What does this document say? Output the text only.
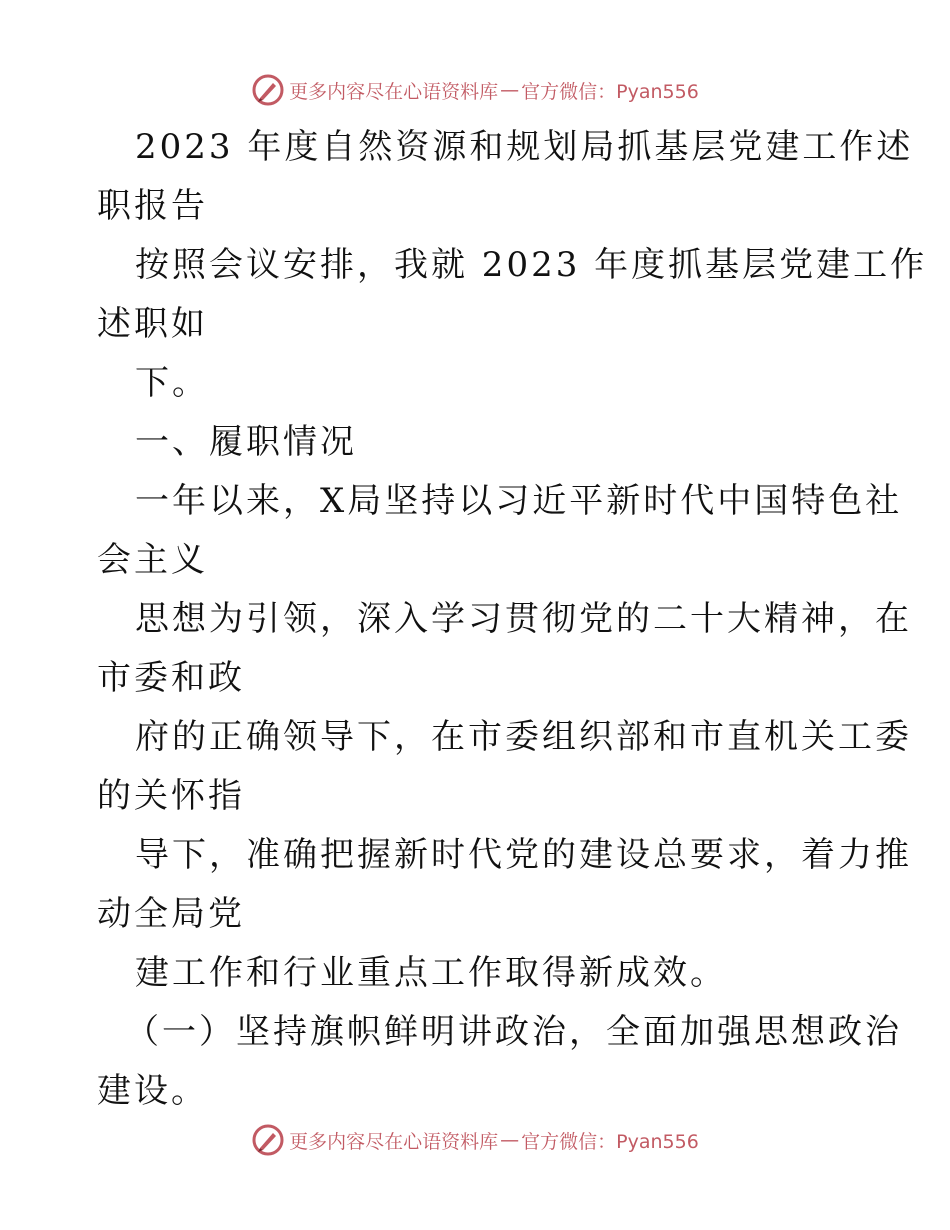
更多内容尽在心语资料库 — 官方微信：Pyan556
2023 年度自然资源和规划局抓基层党建工作述
职报告
按照会议安排，我就 2023 年度抓基层党建工作
述职如
下。
一、履职情况
一年以来，X局坚持以习近平新时代中国特色社
会主义
思想为引领，深入学习贯彻党的二十大精神，在
市委和政
府的正确领导下，在市委组织部和市直机关工委
的关怀指
导下，准确把握新时代党的建设总要求，着力推
动全局党
建工作和行业重点工作取得新成效。
（一）坚持旗帜鲜明讲政治，全面加强思想政治
建设。
更多内容尽在心语资料库 — 官方微信：Pyan556
